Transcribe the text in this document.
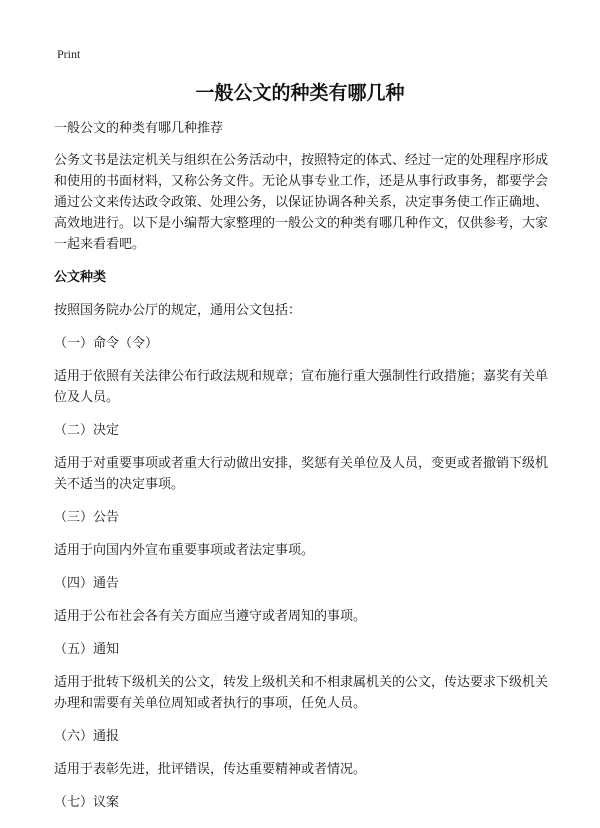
Print
一般公文的种类有哪几种

一般公文的种类有哪几种推荐

公务文书是法定机关与组织在公务活动中，按照特定的体式、经过一定的处理程序形成和使用的书面材料，又称公务文件。无论从事专业工作，还是从事行政事务，都要学会通过公文来传达政令政策、处理公务，以保证协调各种关系，决定事务使工作正确地、高效地进行。以下是小编帮大家整理的一般公文的种类有哪几种作文，仅供参考，大家一起来看看吧。

公文种类

按照国务院办公厅的规定，通用公文包括：

（一）命令（令）

适用于依照有关法律公布行政法规和规章；宣布施行重大强制性行政措施；嘉奖有关单位及人员。

（二）决定

适用于对重要事项或者重大行动做出安排，奖惩有关单位及人员，变更或者撤销下级机关不适当的决定事项。

（三）公告

适用于向国内外宣布重要事项或者法定事项。

（四）通告

适用于公布社会各有关方面应当遵守或者周知的事项。

（五）通知

适用于批转下级机关的公文，转发上级机关和不相隶属机关的公文，传达要求下级机关办理和需要有关单位周知或者执行的事项，任免人员。

（六）通报

适用于表彰先进，批评错误，传达重要精神或者情况。

（七）议案
